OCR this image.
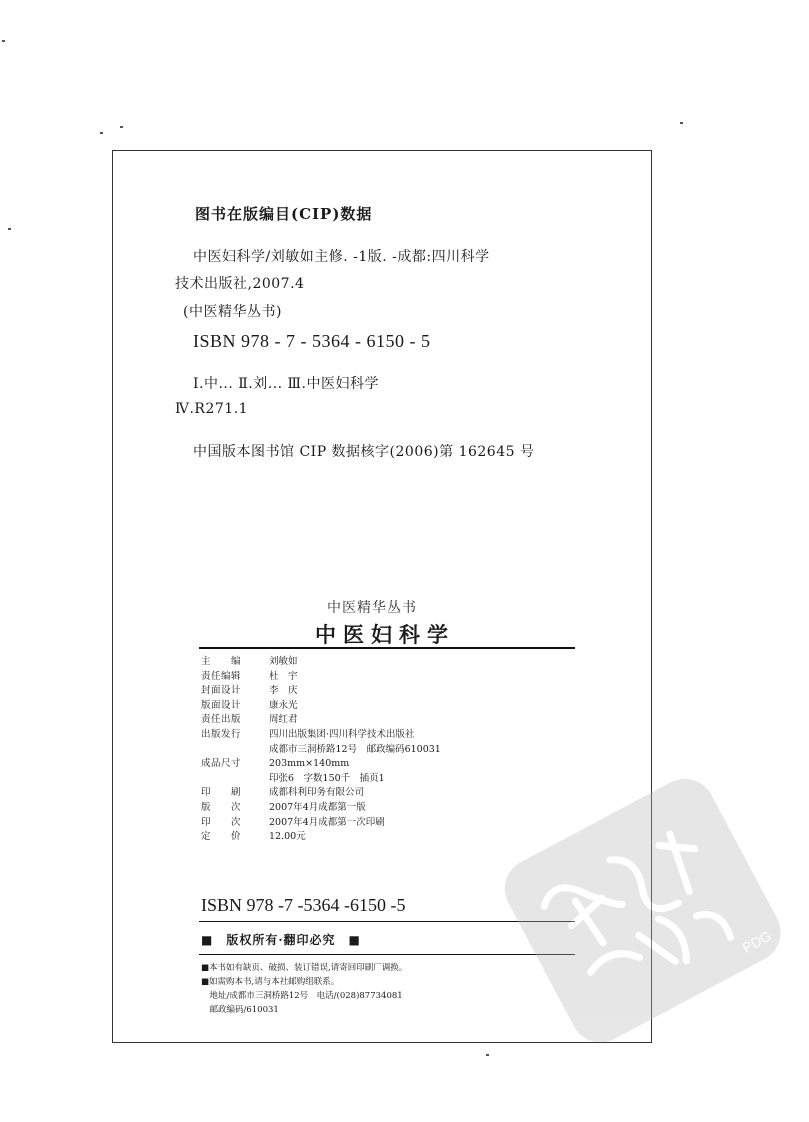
图书在版编目(CIP)数据
中医妇科学/刘敏如主修. -1版. -成都:四川科学
技术出版社,2007.4
(中医精华丛书)
ISBN 978 - 7 - 5364 - 6150 - 5
Ⅰ.中... Ⅱ.刘... Ⅲ.中医妇科学
Ⅳ.R271.1
中国版本图书馆 CIP 数据核字(2006)第 162645 号
中医精华丛书
中医妇科学
主　　编	刘敏如
责任编辑	杜　宇
封面设计	李　庆
版面设计	康永光
责任出版	周红君
出版发行	四川出版集团·四川科学技术出版社
成都市三洞桥路12号　邮政编码610031
成品尺寸	203mm×140mm
印张6　字数150千　插页1
印　　刷	成都科利印务有限公司
版　　次	2007年4月成都第一版
印　　次	2007年4月成都第一次印刷
定　　价	12.00元
ISBN 978 -7 -5364 -6150 -5
■　版权所有·翻印必究　■
■本书如有缺页、破损、装订错误,请寄回印刷厂调换。
■如需购本书,请与本社邮购组联系。
　地址/成都市三洞桥路12号　电话/(028)87734081
　邮政编码/610031
PDG
